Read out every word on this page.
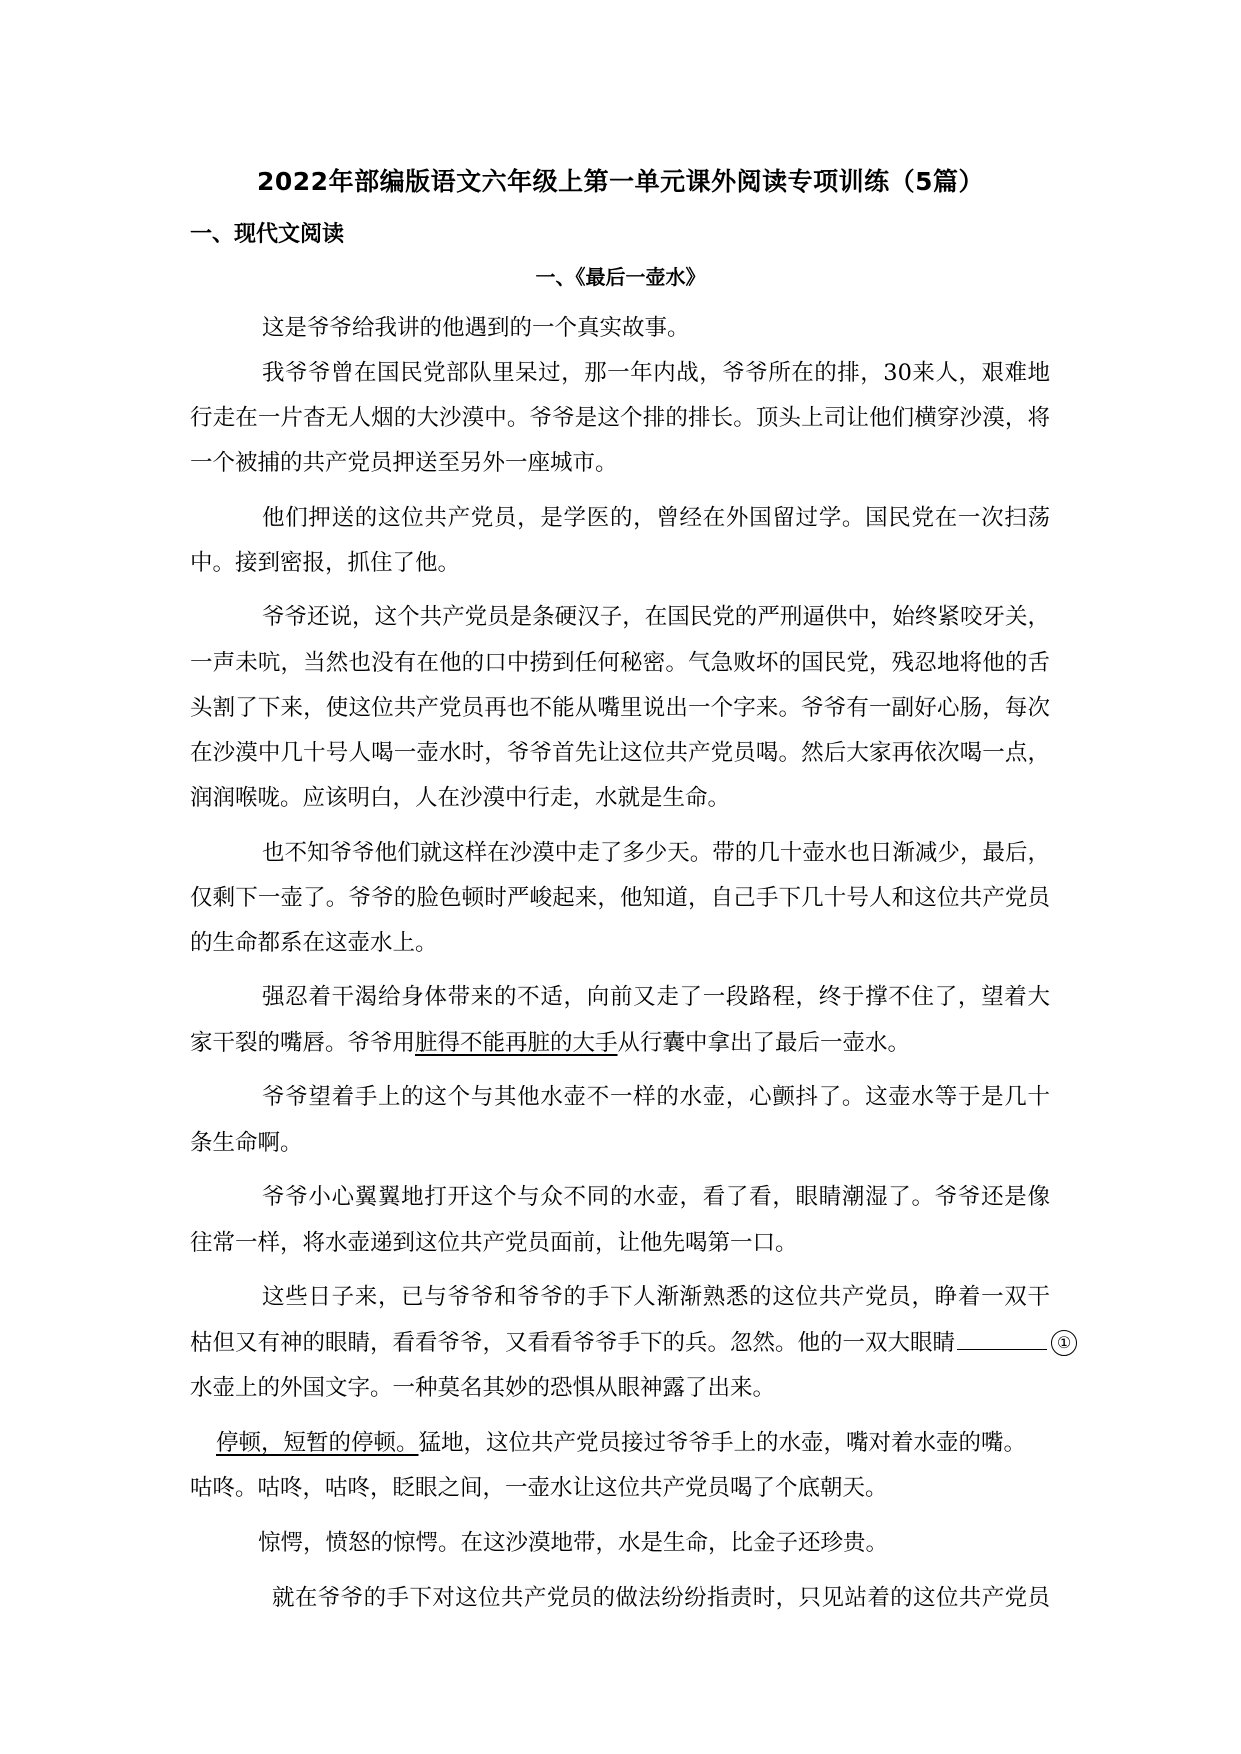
2022年部编版语文六年级上第一单元课外阅读专项训练（5篇）
一、现代文阅读
一、《最后一壶水》
这是爷爷给我讲的他遇到的一个真实故事。
我爷爷曾在国民党部队里呆过，那一年内战，爷爷所在的排，30来人，艰难地
行走在一片杳无人烟的大沙漠中。爷爷是这个排的排长。顶头上司让他们横穿沙漠，将
一个被捕的共产党员押送至另外一座城市。
他们押送的这位共产党员，是学医的，曾经在外国留过学。国民党在一次扫荡
中。接到密报，抓住了他。
爷爷还说，这个共产党员是条硬汉子，在国民党的严刑逼供中，始终紧咬牙关，
一声未吭，当然也没有在他的口中捞到任何秘密。气急败坏的国民党，残忍地将他的舌
头割了下来，使这位共产党员再也不能从嘴里说出一个字来。爷爷有一副好心肠，每次
在沙漠中几十号人喝一壶水时，爷爷首先让这位共产党员喝。然后大家再依次喝一点，
润润喉咙。应该明白，人在沙漠中行走，水就是生命。
也不知爷爷他们就这样在沙漠中走了多少天。带的几十壶水也日渐减少，最后，
仅剩下一壶了。爷爷的脸色顿时严峻起来，他知道，自己手下几十号人和这位共产党员
的生命都系在这壶水上。
强忍着干渴给身体带来的不适，向前又走了一段路程，终于撑不住了，望着大
家干裂的嘴唇。爷爷用脏得不能再脏的大手从行囊中拿出了最后一壶水。
爷爷望着手上的这个与其他水壶不一样的水壶，心颤抖了。这壶水等于是几十
条生命啊。
爷爷小心翼翼地打开这个与众不同的水壶，看了看，眼睛潮湿了。爷爷还是像
往常一样，将水壶递到这位共产党员面前，让他先喝第一口。
这些日子来，已与爷爷和爷爷的手下人渐渐熟悉的这位共产党员，睁着一双干
枯但又有神的眼睛，看看爷爷，又看看爷爷手下的兵。忽然。他的一双大眼睛	①
水壶上的外国文字。一种莫名其妙的恐惧从眼神露了出来。
停顿，短暂的停顿。猛地，这位共产党员接过爷爷手上的水壶，嘴对着水壶的嘴。
咕咚。咕咚，咕咚，眨眼之间，一壶水让这位共产党员喝了个底朝天。
惊愕，愤怒的惊愕。在这沙漠地带，水是生命，比金子还珍贵。
就在爷爷的手下对这位共产党员的做法纷纷指责时，只见站着的这位共产党员
